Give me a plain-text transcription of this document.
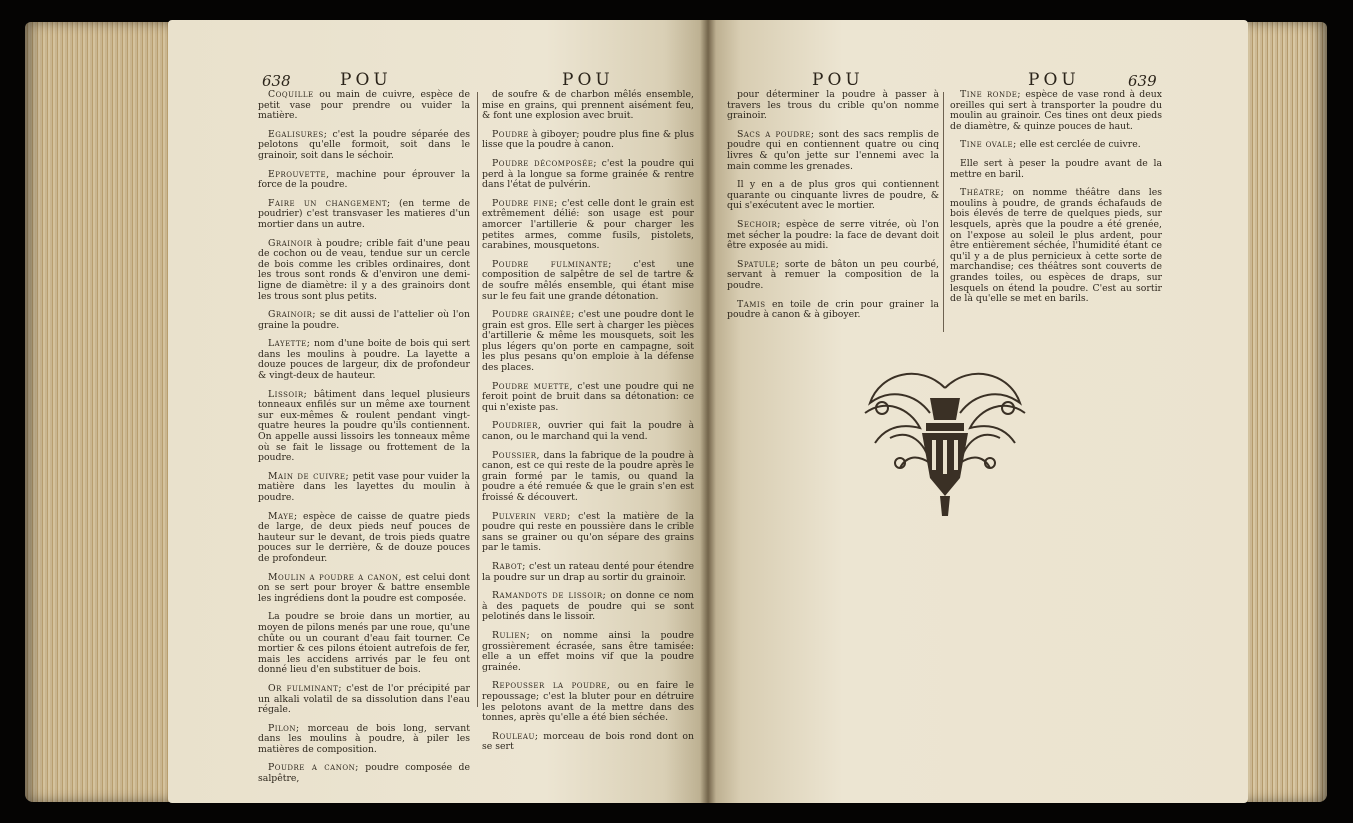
638	POU	POU	POU	POU	639

Coquille ou main de cuivre, espèce de petit vase pour prendre ou vuider la matière.

Egalisures; c'est la poudre séparée des pelotons qu'elle formoit, soit dans le grainoir, soit dans le séchoir.

Eprouvette, machine pour éprouver la force de la poudre.

Faire un changement; (en terme de poudrier) c'est transvaser les matieres d'un mortier dans un autre.

Grainoir à poudre; crible fait d'une peau de cochon ou de veau, tendue sur un cercle de bois comme les cribles ordinaires, dont les trous sont ronds & d'environ une demi-ligne de diamètre: il y a des grainoirs dont les trous sont plus petits.

Grainoir; se dit aussi de l'attelier où l'on graine la poudre.

Layette; nom d'une boite de bois qui sert dans les moulins à poudre. La layette a douze pouces de largeur, dix de profondeur & vingt-deux de hauteur.

Lissoir; bâtiment dans lequel plusieurs tonneaux enfilés sur un même axe tournent sur eux-mêmes & roulent pendant vingt-quatre heures la poudre qu'ils contiennent. On appelle aussi lissoirs les tonneaux même où se fait le lissage ou frottement de la poudre.

Main de cuivre; petit vase pour vuider la matière dans les layettes du moulin à poudre.

Maye; espèce de caisse de quatre pieds de large, de deux pieds neuf pouces de hauteur sur le devant, de trois pieds quatre pouces sur le derrière, & de douze pouces de profondeur.

Moulin a poudre a canon, est celui dont on se sert pour broyer & battre ensemble les ingrédiens dont la poudre est composée.

La poudre se broie dans un mortier, au moyen de pilons menés par une roue, qu'une chûte ou un courant d'eau fait tourner. Ce mortier & ces pilons étoient autrefois de fer, mais les accidens arrivés par le feu ont donné lieu d'en substituer de bois.

Or fulminant; c'est de l'or précipité par un alkali volatil de sa dissolution dans l'eau régale.

Pilon; morceau de bois long, servant dans les moulins à poudre, à piler les matières de composition.

Poudre a canon; poudre composée de salpêtre,

de soufre & de charbon mêlés ensemble, mise en grains, qui prennent aisément feu, & font une explosion avec bruit.

Poudre à giboyer; poudre plus fine & plus lisse que la poudre à canon.

Poudre décomposée; c'est la poudre qui perd à la longue sa forme grainée & rentre dans l'état de pulvérin.

Poudre fine; c'est celle dont le grain est extrêmement délié: son usage est pour amorcer l'artillerie & pour charger les petites armes, comme fusils, pistolets, carabines, mousquetons.

Poudre fulminante; c'est une composition de salpêtre de sel de tartre & de soufre mêlés ensemble, qui étant mise sur le feu fait une grande détonation.

Poudre grainée; c'est une poudre dont le grain est gros. Elle sert à charger les pièces d'artillerie & même les mousquets, soit les plus légers qu'on porte en campagne, soit les plus pesans qu'on emploie à la défense des places.

Poudre muette, c'est une poudre qui ne feroit point de bruit dans sa détonation: ce qui n'existe pas.

Poudrier, ouvrier qui fait la poudre à canon, ou le marchand qui la vend.

Poussier, dans la fabrique de la poudre à canon, est ce qui reste de la poudre après le grain formé par le tamis, ou quand la poudre a été remuée & que le grain s'en est froissé & découvert.

Pulverin verd; c'est la matière de la poudre qui reste en poussière dans le crible sans se grainer ou qu'on sépare des grains par le tamis.

Rabot; c'est un rateau denté pour étendre la poudre sur un drap au sortir du grainoir.

Ramandots de lissoir; on donne ce nom à des paquets de poudre qui se sont pelotinés dans le lissoir.

Rulien; on nomme ainsi la poudre grossièrement écrasée, sans être tamisée: elle a un effet moins vif que la poudre grainée.

Repousser la poudre, ou en faire le repoussage; c'est la bluter pour en détruire les pelotons avant de la mettre dans des tonnes, après qu'elle a été bien séchée.

Rouleau; morceau de bois rond dont on se sert

pour déterminer la poudre à passer à travers les trous du crible qu'on nomme grainoir.

Sacs a poudre; sont des sacs remplis de poudre qui en contiennent quatre ou cinq livres & qu'on jette sur l'ennemi avec la main comme les grenades.

Il y en a de plus gros qui contiennent quarante ou cinquante livres de poudre, & qui s'exécutent avec le mortier.

Sechoir; espèce de serre vitrée, où l'on met sécher la poudre: la face de devant doit être exposée au midi.

Spatule; sorte de bâton un peu courbé, servant à remuer la composition de la poudre.

Tamis en toile de crin pour grainer la poudre à canon & à giboyer.

Tine ronde; espèce de vase rond à deux oreilles qui sert à transporter la poudre du moulin au grainoir. Ces tines ont deux pieds de diamètre, & quinze pouces de haut.

Tine ovale; elle est cerclée de cuivre.

Elle sert à peser la poudre avant de la mettre en baril.

Théatre; on nomme théâtre dans les moulins à poudre, de grands échafauds de bois élevés de terre de quelques pieds, sur lesquels, après que la poudre a été grenée, on l'expose au soleil le plus ardent, pour être entièrement séchée, l'humidité étant ce qu'il y a de plus pernicieux à cette sorte de marchandise; ces théâtres sont couverts de grandes toiles, ou espèces de draps, sur lesquels on étend la poudre. C'est au sortir de là qu'elle se met en barils.
